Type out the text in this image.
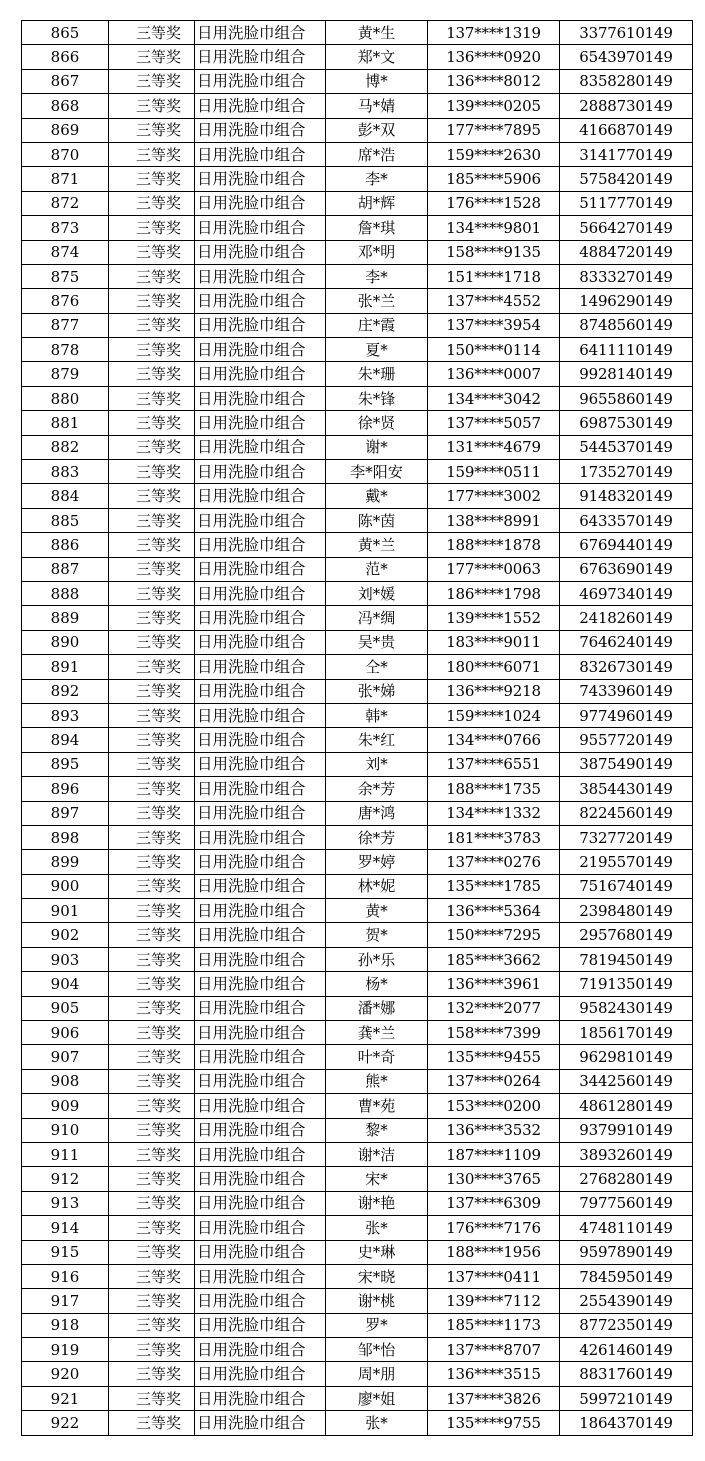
865	三等奖	日用洗脸巾组合	黄*生	137****1319	3377610149
866	三等奖	日用洗脸巾组合	郑*文	136****0920	6543970149
867	三等奖	日用洗脸巾组合	博*	136****8012	8358280149
868	三等奖	日用洗脸巾组合	马*婧	139****0205	2888730149
869	三等奖	日用洗脸巾组合	彭*双	177****7895	4166870149
870	三等奖	日用洗脸巾组合	席*浩	159****2630	3141770149
871	三等奖	日用洗脸巾组合	李*	185****5906	5758420149
872	三等奖	日用洗脸巾组合	胡*辉	176****1528	5117770149
873	三等奖	日用洗脸巾组合	詹*琪	134****9801	5664270149
874	三等奖	日用洗脸巾组合	邓*明	158****9135	4884720149
875	三等奖	日用洗脸巾组合	李*	151****1718	8333270149
876	三等奖	日用洗脸巾组合	张*兰	137****4552	1496290149
877	三等奖	日用洗脸巾组合	庄*霞	137****3954	8748560149
878	三等奖	日用洗脸巾组合	夏*	150****0114	6411110149
879	三等奖	日用洗脸巾组合	朱*珊	136****0007	9928140149
880	三等奖	日用洗脸巾组合	朱*锋	134****3042	9655860149
881	三等奖	日用洗脸巾组合	徐*贤	137****5057	6987530149
882	三等奖	日用洗脸巾组合	谢*	131****4679	5445370149
883	三等奖	日用洗脸巾组合	李*阳安	159****0511	1735270149
884	三等奖	日用洗脸巾组合	戴*	177****3002	9148320149
885	三等奖	日用洗脸巾组合	陈*茵	138****8991	6433570149
886	三等奖	日用洗脸巾组合	黄*兰	188****1878	6769440149
887	三等奖	日用洗脸巾组合	范*	177****0063	6763690149
888	三等奖	日用洗脸巾组合	刘*媛	186****1798	4697340149
889	三等奖	日用洗脸巾组合	冯*绸	139****1552	2418260149
890	三等奖	日用洗脸巾组合	吴*贵	183****9011	7646240149
891	三等奖	日用洗脸巾组合	仝*	180****6071	8326730149
892	三等奖	日用洗脸巾组合	张*娣	136****9218	7433960149
893	三等奖	日用洗脸巾组合	韩*	159****1024	9774960149
894	三等奖	日用洗脸巾组合	朱*红	134****0766	9557720149
895	三等奖	日用洗脸巾组合	刘*	137****6551	3875490149
896	三等奖	日用洗脸巾组合	余*芳	188****1735	3854430149
897	三等奖	日用洗脸巾组合	唐*鸿	134****1332	8224560149
898	三等奖	日用洗脸巾组合	徐*芳	181****3783	7327720149
899	三等奖	日用洗脸巾组合	罗*婷	137****0276	2195570149
900	三等奖	日用洗脸巾组合	林*妮	135****1785	7516740149
901	三等奖	日用洗脸巾组合	黄*	136****5364	2398480149
902	三等奖	日用洗脸巾组合	贺*	150****7295	2957680149
903	三等奖	日用洗脸巾组合	孙*乐	185****3662	7819450149
904	三等奖	日用洗脸巾组合	杨*	136****3961	7191350149
905	三等奖	日用洗脸巾组合	潘*娜	132****2077	9582430149
906	三等奖	日用洗脸巾组合	龚*兰	158****7399	1856170149
907	三等奖	日用洗脸巾组合	叶*奇	135****9455	9629810149
908	三等奖	日用洗脸巾组合	熊*	137****0264	3442560149
909	三等奖	日用洗脸巾组合	曹*苑	153****0200	4861280149
910	三等奖	日用洗脸巾组合	黎*	136****3532	9379910149
911	三等奖	日用洗脸巾组合	谢*洁	187****1109	3893260149
912	三等奖	日用洗脸巾组合	宋*	130****3765	2768280149
913	三等奖	日用洗脸巾组合	谢*艳	137****6309	7977560149
914	三等奖	日用洗脸巾组合	张*	176****7176	4748110149
915	三等奖	日用洗脸巾组合	史*琳	188****1956	9597890149
916	三等奖	日用洗脸巾组合	宋*晓	137****0411	7845950149
917	三等奖	日用洗脸巾组合	谢*桃	139****7112	2554390149
918	三等奖	日用洗脸巾组合	罗*	185****1173	8772350149
919	三等奖	日用洗脸巾组合	邹*怡	137****8707	4261460149
920	三等奖	日用洗脸巾组合	周*朋	136****3515	8831760149
921	三等奖	日用洗脸巾组合	廖*姐	137****3826	5997210149
922	三等奖	日用洗脸巾组合	张*	135****9755	1864370149
